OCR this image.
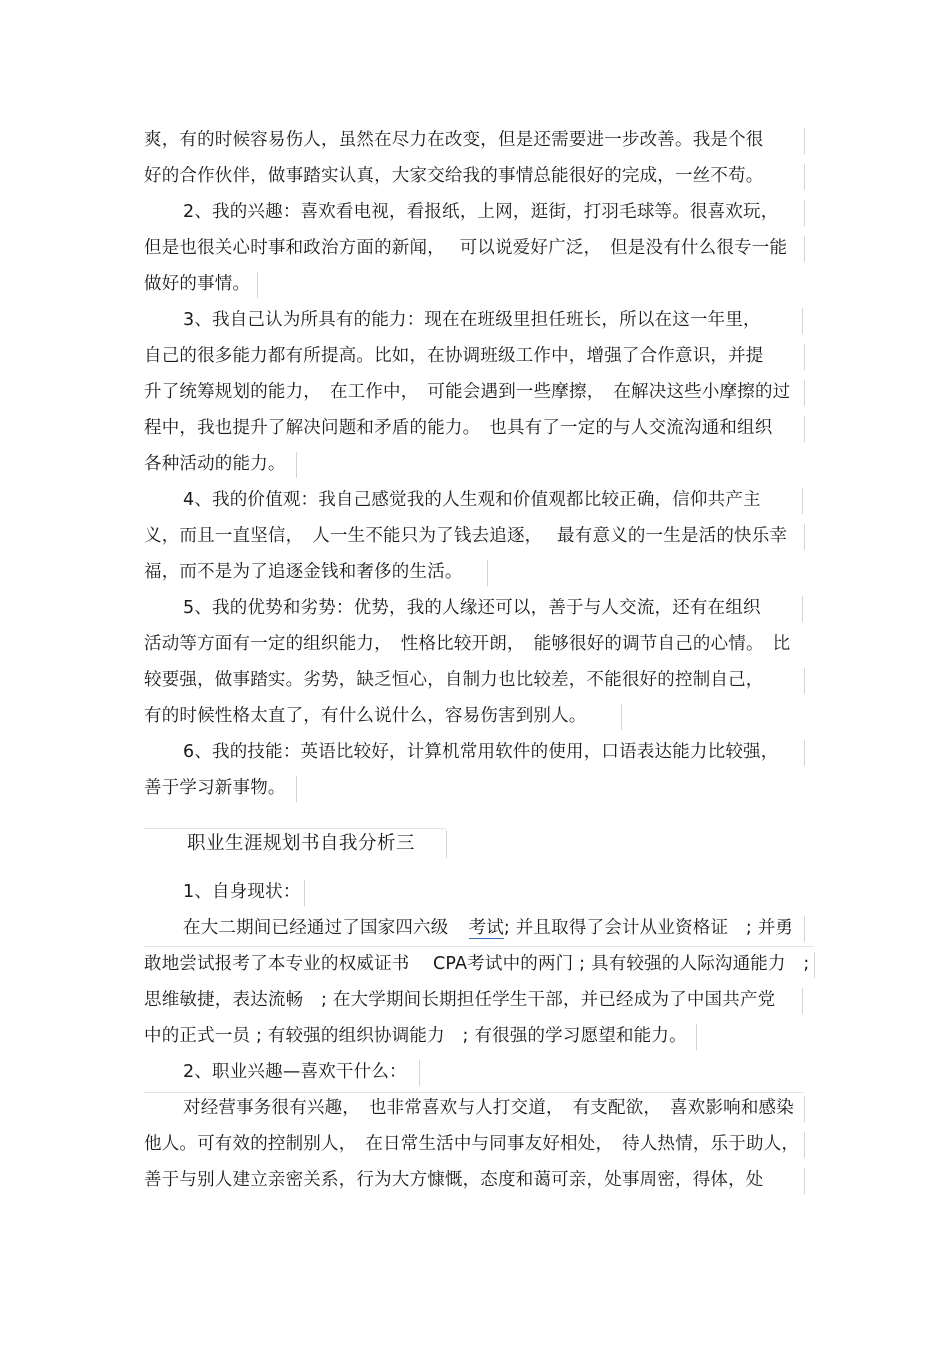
爽，有的时候容易伤人，虽然在尽力在改变，但是还需要进一步改善。我是个很
好的合作伙伴，做事踏实认真，大家交给我的事情总能很好的完成，一丝不苟。
2、我的兴趣：喜欢看电视，看报纸，上网，逛街，打羽毛球等。很喜欢玩，
但是也很关心时事和政治方面的新闻，　 可以说爱好广泛，　但是没有什么很专一能
做好的事情。
3、我自己认为所具有的能力：现在在班级里担任班长，所以在这一年里，
自己的很多能力都有所提高。比如，在协调班级工作中，增强了合作意识，并提
升了统筹规划的能力，　在工作中，　可能会遇到一些摩擦，　在解决这些小摩擦的过
程中，我也提升了解决问题和矛盾的能力。　也具有了一定的与人交流沟通和组织
各种活动的能力。
4、我的价值观：我自己感觉我的人生观和价值观都比较正确，信仰共产主
义，而且一直坚信，　人一生不能只为了钱去追逐，　 最有意义的一生是活的快乐幸
福，而不是为了追逐金钱和奢侈的生活。
5、我的优势和劣势：优势，我的人缘还可以，善于与人交流，还有在组织
活动等方面有一定的组织能力，　性格比较开朗，　能够很好的调节自己的心情。　比
较要强，做事踏实。劣势，缺乏恒心，自制力也比较差，不能很好的控制自己，
有的时候性格太直了，有什么说什么，容易伤害到别人。
6、我的技能：英语比较好，计算机常用软件的使用，口语表达能力比较强，
善于学习新事物。
职业生涯规划书自我分析三
1、自身现状：
在大二期间已经通过了国家四六级 考试; 并且取得了会计从业资格证　; 并勇
敢地尝试报考了本专业的权威证书　 CPA考试中的两门 ; 具有较强的人际沟通能力　;
思维敏捷，表达流畅　; 在大学期间长期担任学生干部，并已经成为了中国共产党
中的正式一员 ; 有较强的组织协调能力　; 有很强的学习愿望和能力。
2、职业兴趣—喜欢干什么：
对经营事务很有兴趣，　也非常喜欢与人打交道，　有支配欲，　喜欢影响和感染
他人。可有效的控制别人，　在日常生活中与同事友好相处，　待人热情，乐于助人，
善于与别人建立亲密关系，行为大方慷慨，态度和蔼可亲，处事周密，得体，处
